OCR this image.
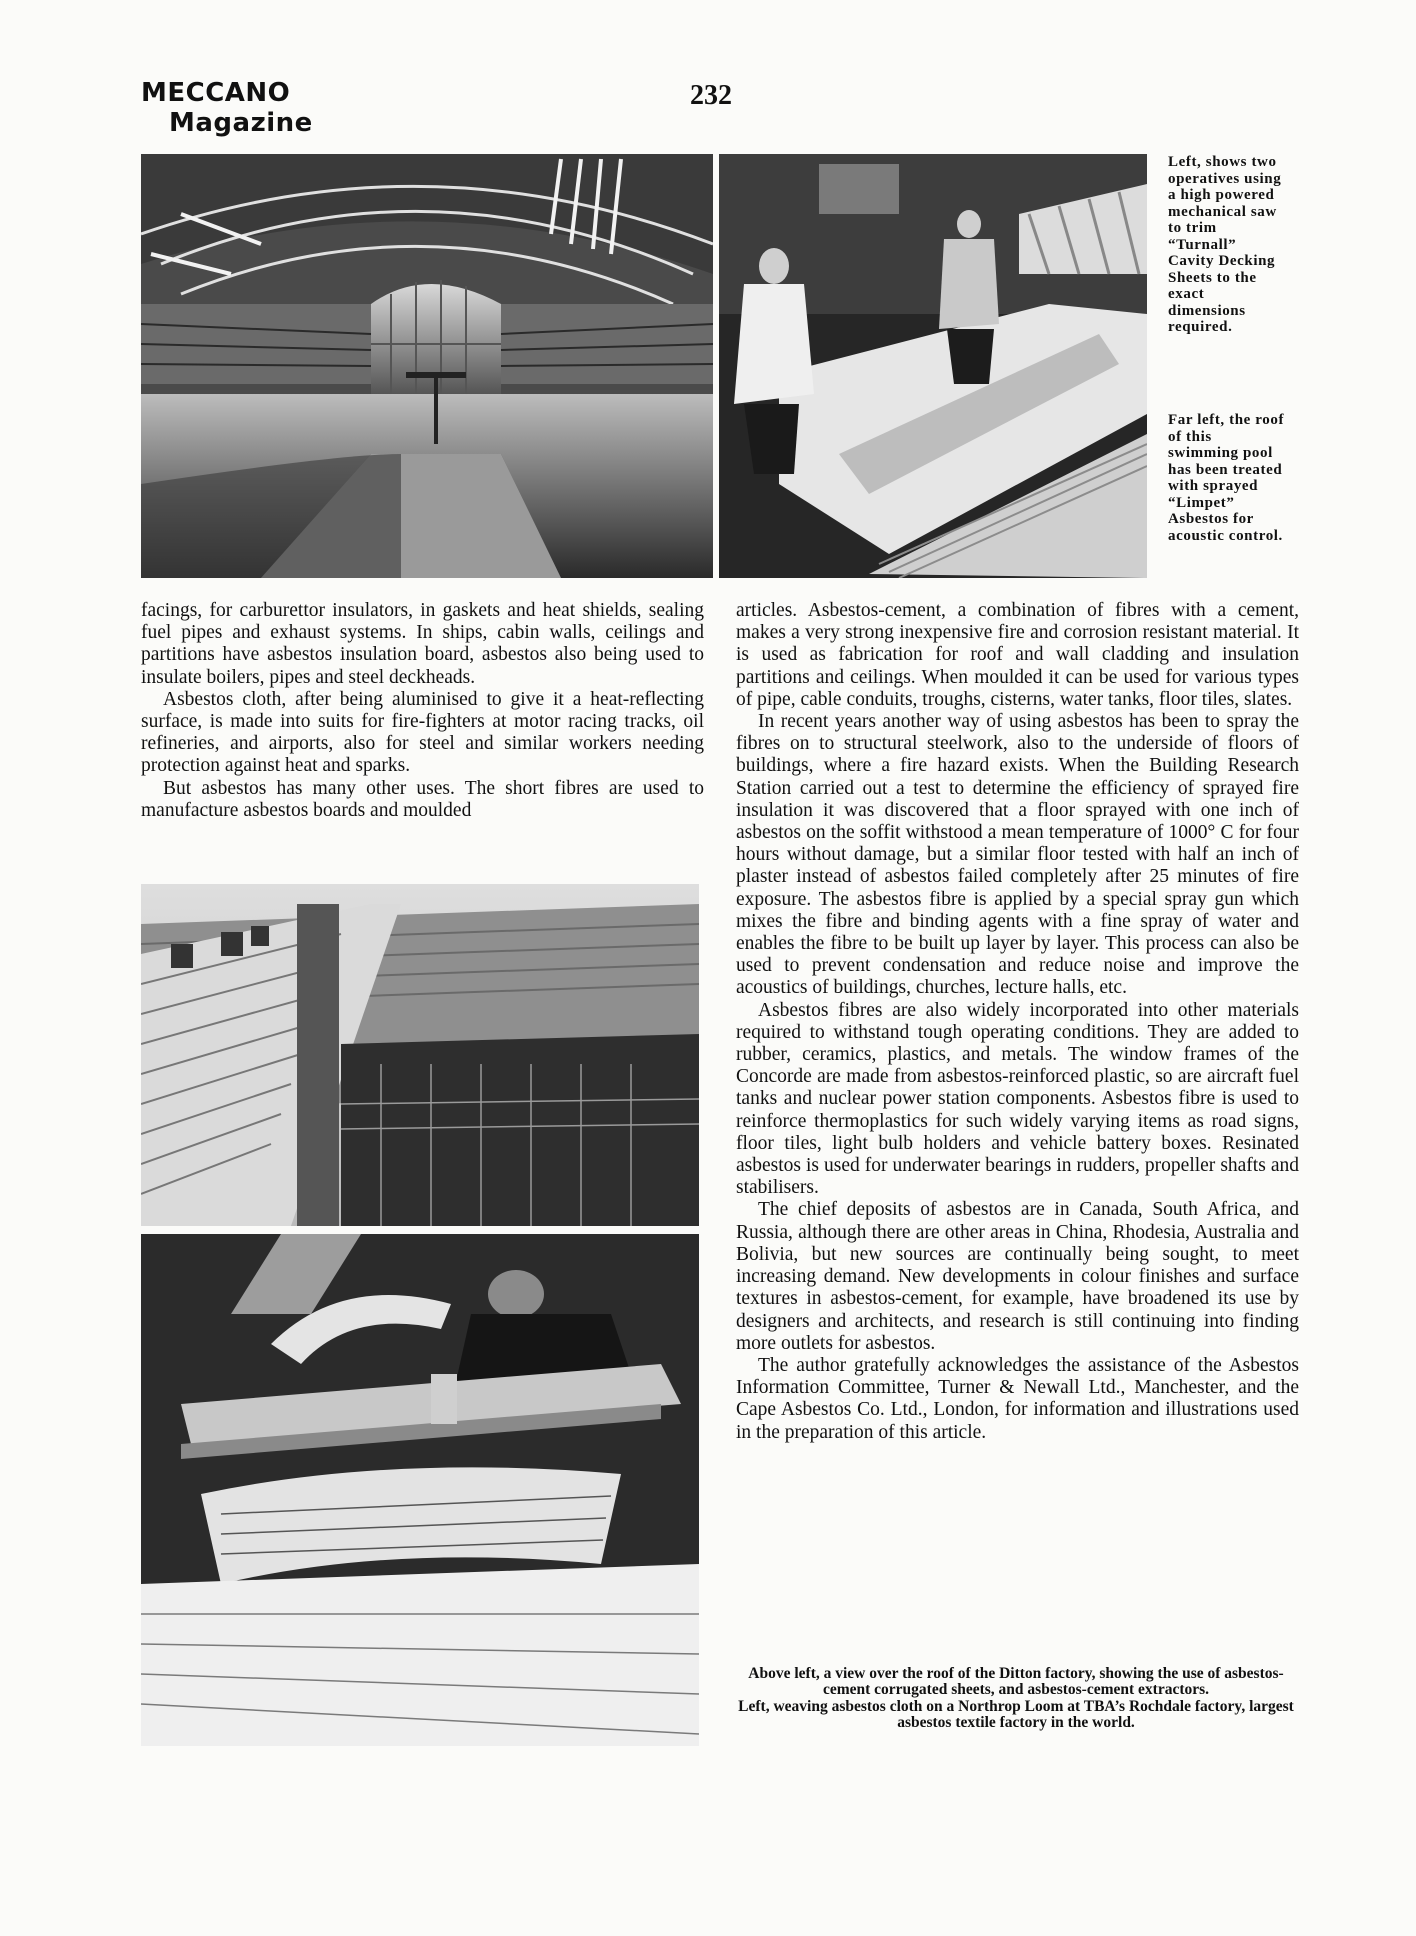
MECCANO
Magazine
232
Left, shows two operatives using a high powered mechanical saw to trim “Turnall” Cavity Decking Sheets to the exact dimensions required.
Far left, the roof of this swimming pool has been treated with sprayed “Limpet” Asbestos for acoustic control.

facings, for carburettor insulators, in gaskets and heat shields, sealing fuel pipes and exhaust systems. In ships, cabin walls, ceilings and partitions have asbestos insulation board, asbestos also being used to insulate boilers, pipes and steel deckheads.

Asbestos cloth, after being aluminised to give it a heat-reflecting surface, is made into suits for fire-fighters at motor racing tracks, oil refineries, and airports, also for steel and similar workers needing protection against heat and sparks.

But asbestos has many other uses. The short fibres are used to manufacture asbestos boards and moulded

articles. Asbestos-cement, a combination of fibres with a cement, makes a very strong inexpensive fire and corrosion resistant material. It is used as fabrication for roof and wall cladding and insulation partitions and ceilings. When moulded it can be used for various types of pipe, cable conduits, troughs, cisterns, water tanks, floor tiles, slates.

In recent years another way of using asbestos has been to spray the fibres on to structural steelwork, also to the underside of floors of buildings, where a fire hazard exists. When the Building Research Station carried out a test to determine the efficiency of sprayed fire insulation it was discovered that a floor sprayed with one inch of asbestos on the soffit withstood a mean temperature of 1000° C for four hours without damage, but a similar floor tested with half an inch of plaster instead of asbestos failed completely after 25 minutes of fire exposure. The asbestos fibre is applied by a special spray gun which mixes the fibre and binding agents with a fine spray of water and enables the fibre to be built up layer by layer. This process can also be used to prevent condensation and reduce noise and improve the acoustics of buildings, churches, lecture halls, etc.

Asbestos fibres are also widely incorporated into other materials required to withstand tough operating conditions. They are added to rubber, ceramics, plastics, and metals. The window frames of the Concorde are made from asbestos-reinforced plastic, so are aircraft fuel tanks and nuclear power station components. Asbestos fibre is used to reinforce thermoplastics for such widely varying items as road signs, floor tiles, light bulb holders and vehicle battery boxes. Resinated asbestos is used for underwater bearings in rudders, propeller shafts and stabilisers.

The chief deposits of asbestos are in Canada, South Africa, and Russia, although there are other areas in China, Rhodesia, Australia and Bolivia, but new sources are continually being sought, to meet increasing demand. New developments in colour finishes and surface textures in asbestos-cement, for example, have broadened its use by designers and architects, and research is still continuing into finding more outlets for asbestos.

The author gratefully acknowledges the assistance of the Asbestos Information Committee, Turner & Newall Ltd., Manchester, and the Cape Asbestos Co. Ltd., London, for information and illustrations used in the preparation of this article.

Above left, a view over the roof of the Ditton factory, showing the use of asbestos-cement corrugated sheets, and asbestos-cement extractors.

Left, weaving asbestos cloth on a Northrop Loom at TBA’s Rochdale factory, largest asbestos textile factory in the world.
